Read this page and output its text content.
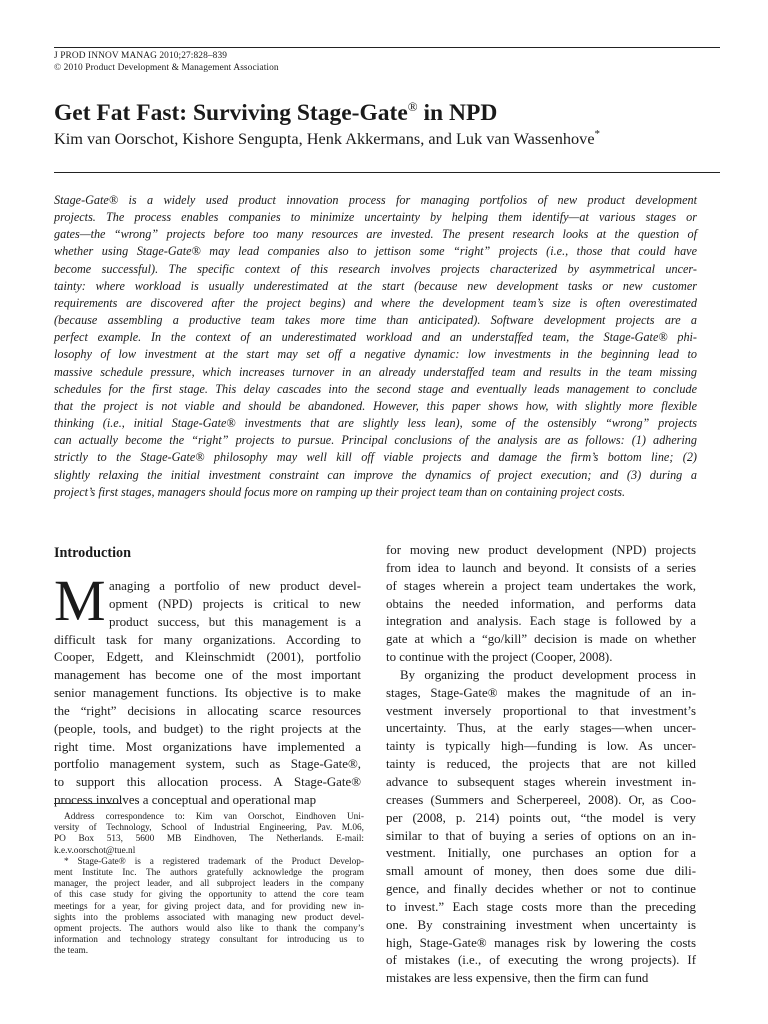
J PROD INNOV MANAG 2010;27:828–839
© 2010 Product Development & Management Association
Get Fat Fast: Surviving Stage-Gate® in NPD
Kim van Oorschot, Kishore Sengupta, Henk Akkermans, and Luk van Wassenhove*
Stage-Gate® is a widely used product innovation process for managing portfolios of new product development
projects. The process enables companies to minimize uncertainty by helping them identify—at various stages or
gates—the “wrong” projects before too many resources are invested. The present research looks at the question of
whether using Stage-Gate® may lead companies also to jettison some “right” projects (i.e., those that could have
become successful). The specific context of this research involves projects characterized by asymmetrical uncer-
tainty: where workload is usually underestimated at the start (because new development tasks or new customer
requirements are discovered after the project begins) and where the development team’s size is often overestimated
(because assembling a productive team takes more time than anticipated). Software development projects are a
perfect example. In the context of an underestimated workload and an understaffed team, the Stage-Gate® phi-
losophy of low investment at the start may set off a negative dynamic: low investments in the beginning lead to
massive schedule pressure, which increases turnover in an already understaffed team and results in the team missing
schedules for the first stage. This delay cascades into the second stage and eventually leads management to conclude
that the project is not viable and should be abandoned. However, this paper shows how, with slightly more flexible
thinking (i.e., initial Stage-Gate® investments that are slightly less lean), some of the ostensibly “wrong” projects
can actually become the “right” projects to pursue. Principal conclusions of the analysis are as follows: (1) adhering
strictly to the Stage-Gate® philosophy may well kill off viable projects and damage the firm’s bottom line; (2)
slightly relaxing the initial investment constraint can improve the dynamics of project execution; and (3) during a
project’s first stages, managers should focus more on ramping up their project team than on containing project costs.
Introduction
M anaging a portfolio of new product devel-
opment (NPD) projects is critical to new
product success, but this management is a
difficult task for many organizations. According to
Cooper, Edgett, and Kleinschmidt (2001), portfolio
management has become one of the most important
senior management functions. Its objective is to make
the “right” decisions in allocating scarce resources
(people, tools, and budget) to the right projects at the
right time. Most organizations have implemented a
portfolio management system, such as Stage-Gate®,
to support this allocation process. A Stage-Gate®
process involves a conceptual and operational map
Address correspondence to: Kim van Oorschot, Eindhoven Uni-
versity of Technology, School of Industrial Engineering, Pav. M.06,
PO Box 513, 5600 MB Eindhoven, The Netherlands. E-mail:
k.e.v.oorschot@tue.nl
* Stage-Gate® is a registered trademark of the Product Develop-
ment Institute Inc. The authors gratefully acknowledge the program
manager, the project leader, and all subproject leaders in the company
of this case study for giving the opportunity to attend the core team
meetings for a year, for giving project data, and for providing new in-
sights into the problems associated with managing new product devel-
opment projects. The authors would also like to thank the company’s
information and technology strategy consultant for introducing us to
the team.
for moving new product development (NPD) projects
from idea to launch and beyond. It consists of a series
of stages wherein a project team undertakes the work,
obtains the needed information, and performs data
integration and analysis. Each stage is followed by a
gate at which a “go/kill” decision is made on whether
to continue with the project (Cooper, 2008).
By organizing the product development process in
stages, Stage-Gate® makes the magnitude of an in-
vestment inversely proportional to that investment’s
uncertainty. Thus, at the early stages—when uncer-
tainty is typically high—funding is low. As uncer-
tainty is reduced, the projects that are not killed
advance to subsequent stages wherein investment in-
creases (Summers and Scherpereel, 2008). Or, as Coo-
per (2008, p. 214) points out, “the model is very
similar to that of buying a series of options on an in-
vestment. Initially, one purchases an option for a
small amount of money, then does some due dili-
gence, and finally decides whether or not to continue
to invest.” Each stage costs more than the preceding
one. By constraining investment when uncertainty is
high, Stage-Gate® manages risk by lowering the costs
of mistakes (i.e., of executing the wrong projects). If
mistakes are less expensive, then the firm can fund
